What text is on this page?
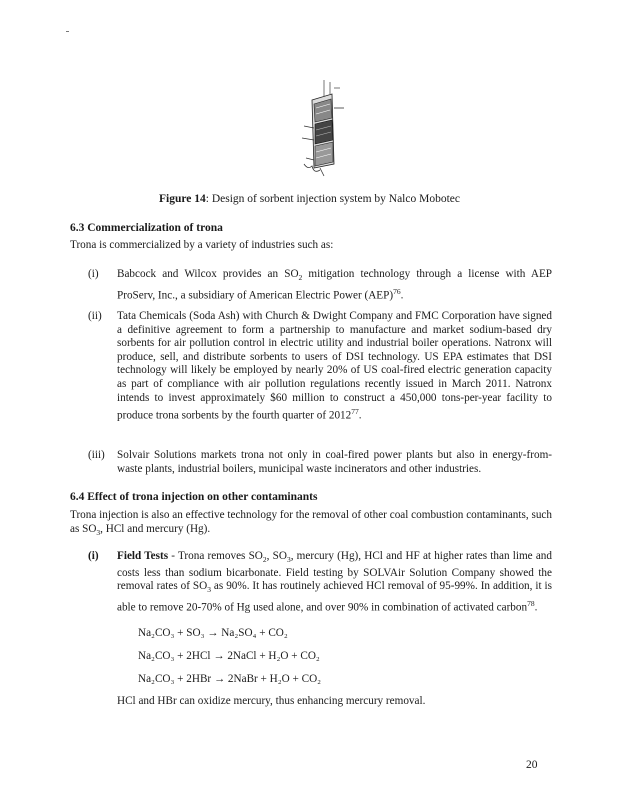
Figure 14: Design of sorbent injection system by Nalco Mobotec
6.3 Commercialization of trona
Trona is commercialized by a variety of industries such as:
(i) Babcock and Wilcox provides an $SO_2$ mitigation technology through a license with AEP ProServ, Inc., a subsidiary of American Electric Power (AEP)$^{76}$.
(ii) Tata Chemicals (Soda Ash) with Church & Dwight Company and FMC Corporation have signed a definitive agreement to form a partnership to manufacture and market sodium-based dry sorbents for air pollution control in electric utility and industrial boiler operations. Natronx will produce, sell, and distribute sorbents to users of DSI technology. US EPA estimates that DSI technology will likely be employed by nearly 20% of US coal-fired electric generation capacity as part of compliance with air pollution regulations recently issued in March 2011. Natronx intends to invest approximately $60 million to construct a 450,000 tons-per-year facility to produce trona sorbents by the fourth quarter of 2012$^{77}$.
(iii) Solvair Solutions markets trona not only in coal-fired power plants but also in energy-from-waste plants, industrial boilers, municipal waste incinerators and other industries.
6.4 Effect of trona injection on other contaminants
Trona injection is also an effective technology for the removal of other coal combustion contaminants, such as $SO_3$, HCl and mercury (Hg).
(i) Field Tests - Trona removes $SO_2$, $SO_3$, mercury (Hg), HCl and HF at higher rates than lime and costs less than sodium bicarbonate. Field testing by SOLVAir Solution Company showed the removal rates of $SO_3$ as 90%. It has routinely achieved HCl removal of 95-99%. In addition, it is able to remove 20-70% of Hg used alone, and over 90% in combination of activated carbon$^{78}$.
Na₂CO₃ + SO₃ → Na₂SO₄ + CO₂
Na₂CO₃ + 2HCl → 2NaCl + H₂O + CO₂
Na₂CO₃ + 2HBr → 2NaBr + H₂O + CO₂
HCl and HBr can oxidize mercury, thus enhancing mercury removal.
20
